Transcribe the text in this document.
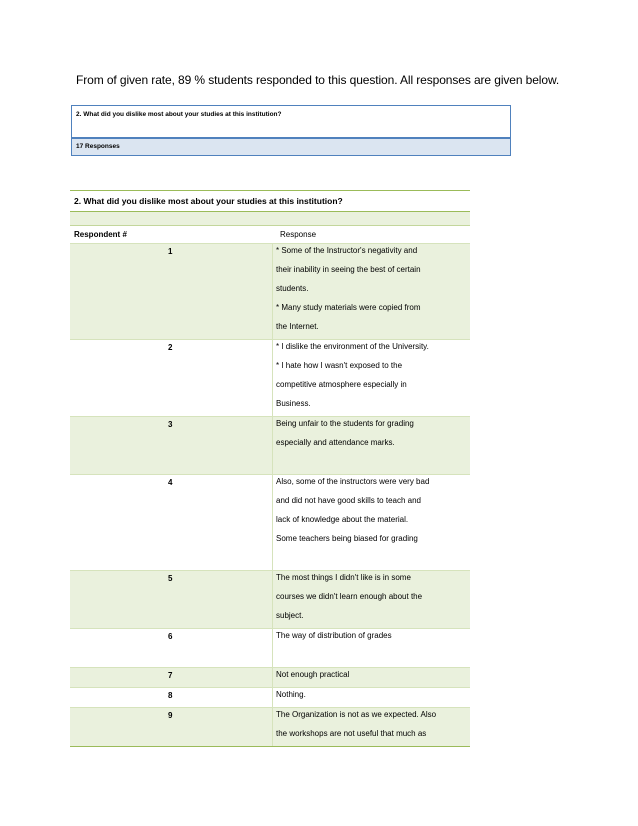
From of given rate, 89 % students responded to this question. All responses are given below.
2. What did you dislike most about your studies at this institution?
17 Responses
2. What did you dislike most about your studies at this institution?
Respondent #	Response
1	* Some of the Instructor's negativity and
their inability in seeing the best of certain
students.
* Many study materials were copied from
the Internet.
2	* I dislike the environment of the University.
* I hate how I wasn't exposed to the
competitive atmosphere especially in
Business.
3	Being unfair to the students for grading
especially and attendance marks.
4	Also, some of the instructors were very bad
and did not have good skills to teach and
lack of knowledge about the material.
Some teachers being biased for grading
5	The most things I didn't like is in some
courses we didn't learn enough about the
subject.
6	The way of distribution of grades
7	Not enough practical
8	Nothing.
9	The Organization is not as we expected. Also
the workshops are not useful that much as
